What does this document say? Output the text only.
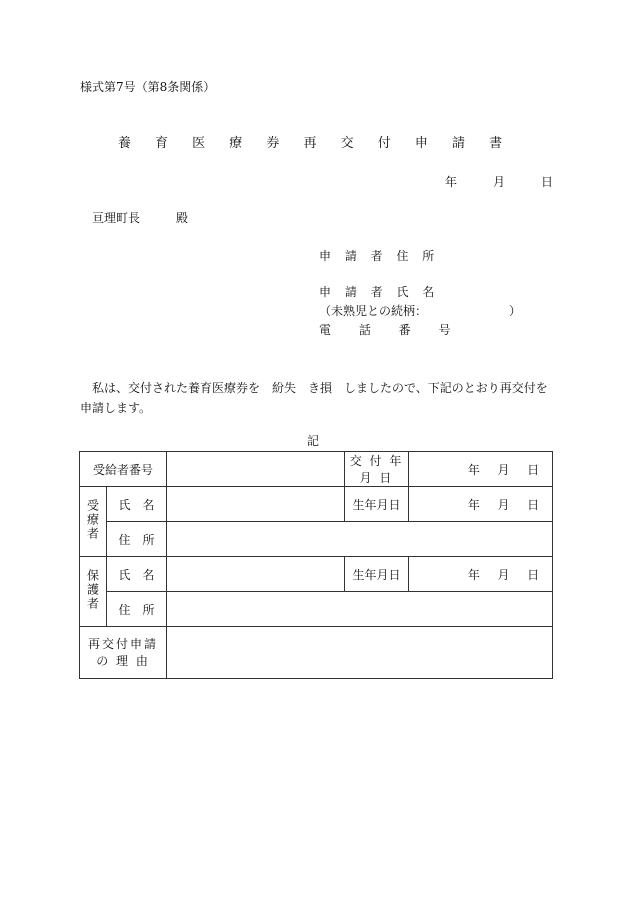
様式第7号（第8条関係）
養 育 医 療 券 再 交 付 申 請 書
年	月	日
亘理町長	殿
申 請 者 住 所
申 請 者 氏 名
（未熟児との続柄：	）
電 話 番 号
私は、交付された養育医療券を　紛失　き損　しましたので、下記のとおり再交付を申請します。
記
受給者番号			交 付 年 月 日	年 月 日

受療者	氏　名		生年月日	年 月 日

	住　所			
保護者	氏　名		生年月日	年 月 日

	住　所			

再交付申請
の 理 由				
